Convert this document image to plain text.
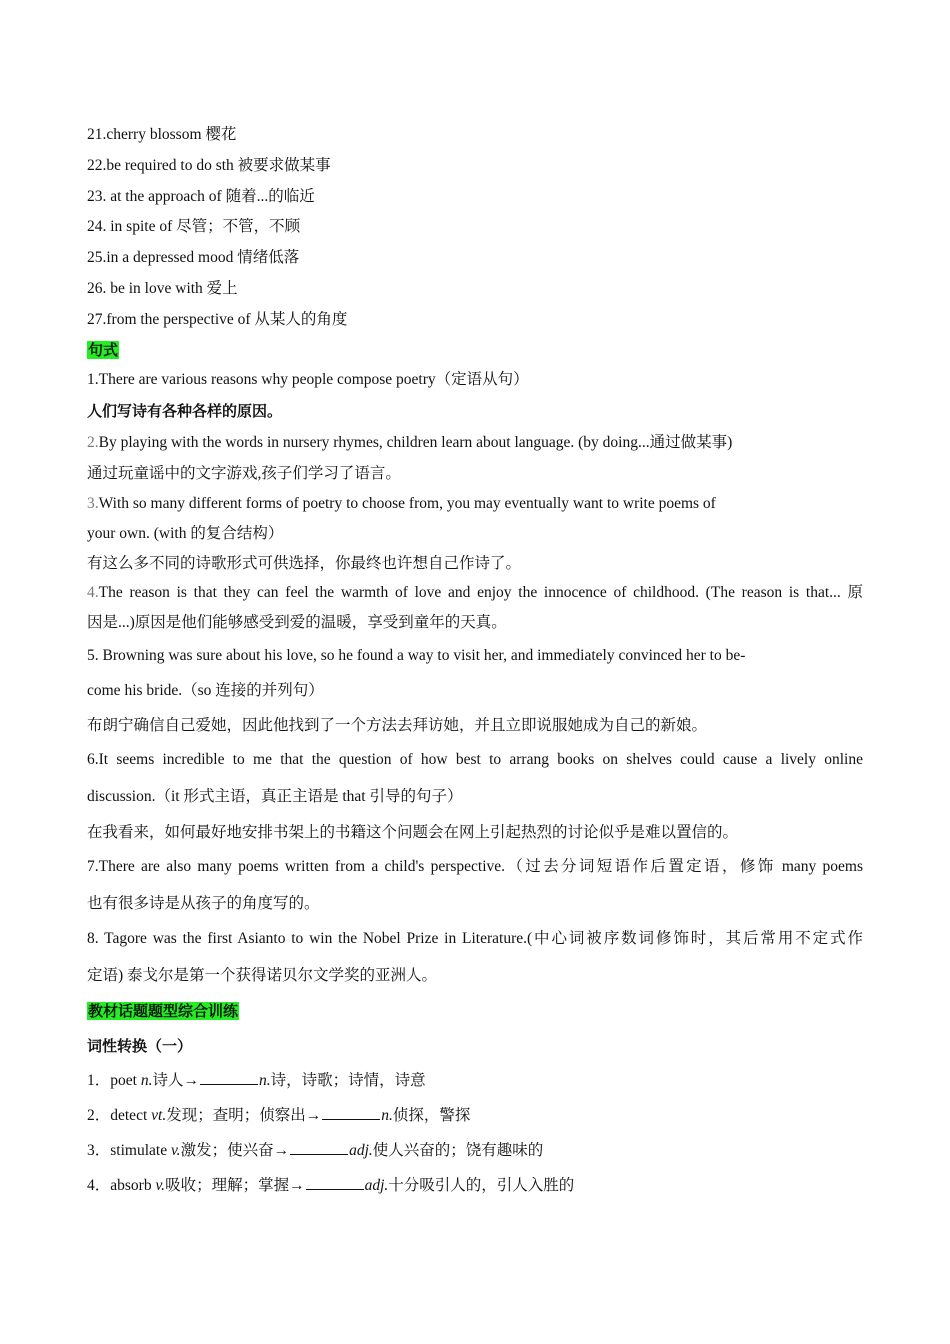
21.cherry blossom 樱花
22.be required to do sth 被要求做某事
23. at the approach of 随着...的临近
24. in spite of 尽管；不管，不顾
25.in a depressed mood 情绪低落
26. be in love with 爱上
27.from the perspective of 从某人的角度
句式
1.There are various reasons why people compose poetry（定语从句）
人们写诗有各种各样的原因。
2.By playing with the words in nursery rhymes, children learn about language. (by doing...通过做某事)
通过玩童谣中的文字游戏,孩子们学习了语言。
3.With so many different forms of poetry to choose from, you may eventually want to write poems of
your own. (with 的复合结构）
有这么多不同的诗歌形式可供选择，你最终也许想自己作诗了。
4.The reason is that they can feel the warmth of love and enjoy the innocence of childhood. (The reason is that... 原
因是...)原因是他们能够感受到爱的温暖，享受到童年的天真。
5. Browning was sure about his love, so he found a way to visit her, and immediately convinced her to be-
come his bride.（so 连接的并列句）
布朗宁确信自己爱她，因此他找到了一个方法去拜访她，并且立即说服她成为自己的新娘。
6.It seems incredible to me that the question of how best to arrang books on shelves could cause a lively online
discussion.（it 形式主语，真正主语是 that 引导的句子）
在我看来，如何最好地安排书架上的书籍这个问题会在网上引起热烈的讨论似乎是难以置信的。
7.There are also many poems written from a child's perspective.（过去分词短语作后置定语，修饰 many poems
也有很多诗是从孩子的角度写的。
8. Tagore was the first Asianto to win the Nobel Prize in Literature.(中心词被序数词修饰时，其后常用不定式作
定语) 泰戈尔是第一个获得诺贝尔文学奖的亚洲人。
教材话题题型综合训练
词性转换（一）
1．poet n.诗人→	n.诗，诗歌；诗情，诗意
2．detect vt.发现；查明；侦察出→	n.侦探，警探
3．stimulate v.激发；使兴奋→	adj.使人兴奋的；饶有趣味的
4．absorb v.吸收；理解；掌握→	adj.十分吸引人的，引人入胜的
